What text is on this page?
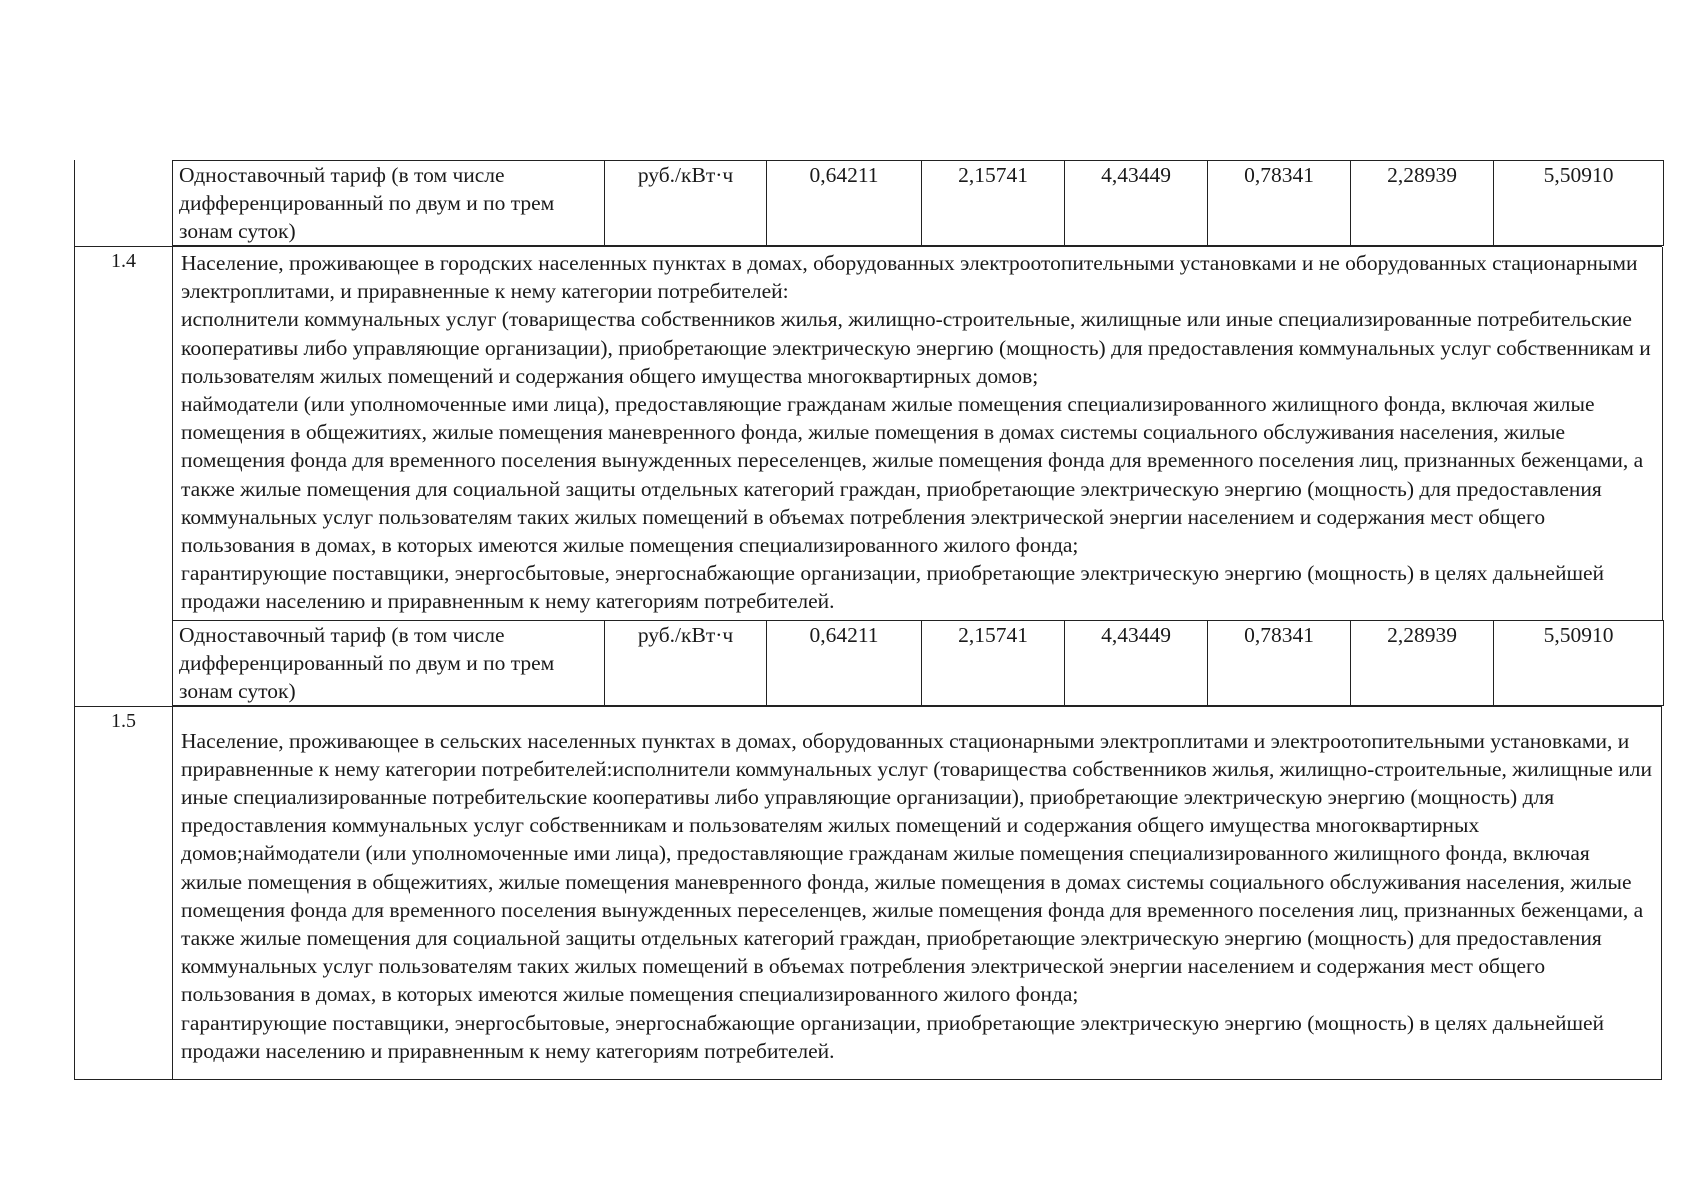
Одноставочный тариф (в том числе дифференцированный по двум и по трем зонам суток)	руб./кВт·ч	0,64211	2,15741	4,43449	0,78341	2,28939	5,50910
1.4	Население, проживающее в городских населенных пунктах в домах, оборудованных электроотопительными установками и не оборудованных стационарными электроплитами, и приравненные к нему категории потребителей:
исполнители коммунальных услуг (товарищества собственников жилья, жилищно-строительные, жилищные или иные специализированные потребительские кооперативы либо управляющие организации), приобретающие электрическую энергию (мощность) для предоставления коммунальных услуг собственникам и пользователям жилых помещений и содержания общего имущества многоквартирных домов;
наймодатели (или уполномоченные ими лица), предоставляющие гражданам жилые помещения специализированного жилищного фонда, включая жилые помещения в общежитиях, жилые помещения маневренного фонда, жилые помещения в домах системы социального обслуживания населения, жилые помещения фонда для временного поселения вынужденных переселенцев, жилые помещения фонда для временного поселения лиц, признанных беженцами, а также жилые помещения для социальной защиты отдельных категорий граждан, приобретающие электрическую энергию (мощность) для предоставления коммунальных услуг пользователям таких жилых помещений в объемах потребления электрической энергии населением и содержания мест общего пользования в домах, в которых имеются жилые помещения специализированного жилого фонда;
гарантирующие поставщики, энергосбытовые, энергоснабжающие организации, приобретающие электрическую энергию (мощность) в целях дальнейшей продажи населению и приравненным к нему категориям потребителей.
Одноставочный тариф (в том числе дифференцированный по двум и по трем зонам суток)	руб./кВт·ч	0,64211	2,15741	4,43449	0,78341	2,28939	5,50910
1.5
Население, проживающее в сельских населенных пунктах в домах, оборудованных стационарными электроплитами и электроотопительными установками, и приравненные к нему категории потребителей:исполнители коммунальных услуг (товарищества собственников жилья, жилищно-строительные, жилищные или иные специализированные потребительские кооперативы либо управляющие организации), приобретающие электрическую энергию (мощность) для предоставления коммунальных услуг собственникам и пользователям жилых помещений и содержания общего имущества многоквартирных домов;наймодатели (или уполномоченные ими лица), предоставляющие гражданам жилые помещения специализированного жилищного фонда, включая жилые помещения в общежитиях, жилые помещения маневренного фонда, жилые помещения в домах системы социального обслуживания населения, жилые помещения фонда для временного поселения вынужденных переселенцев, жилые помещения фонда для временного поселения лиц, признанных беженцами, а также жилые помещения для социальной защиты отдельных категорий граждан, приобретающие электрическую энергию (мощность) для предоставления коммунальных услуг пользователям таких жилых помещений в объемах потребления электрической энергии населением и содержания мест общего пользования в домах, в которых имеются жилые помещения специализированного жилого фонда;
гарантирующие поставщики, энергосбытовые, энергоснабжающие организации, приобретающие электрическую энергию (мощность) в целях дальнейшей продажи населению и приравненным к нему категориям потребителей.
